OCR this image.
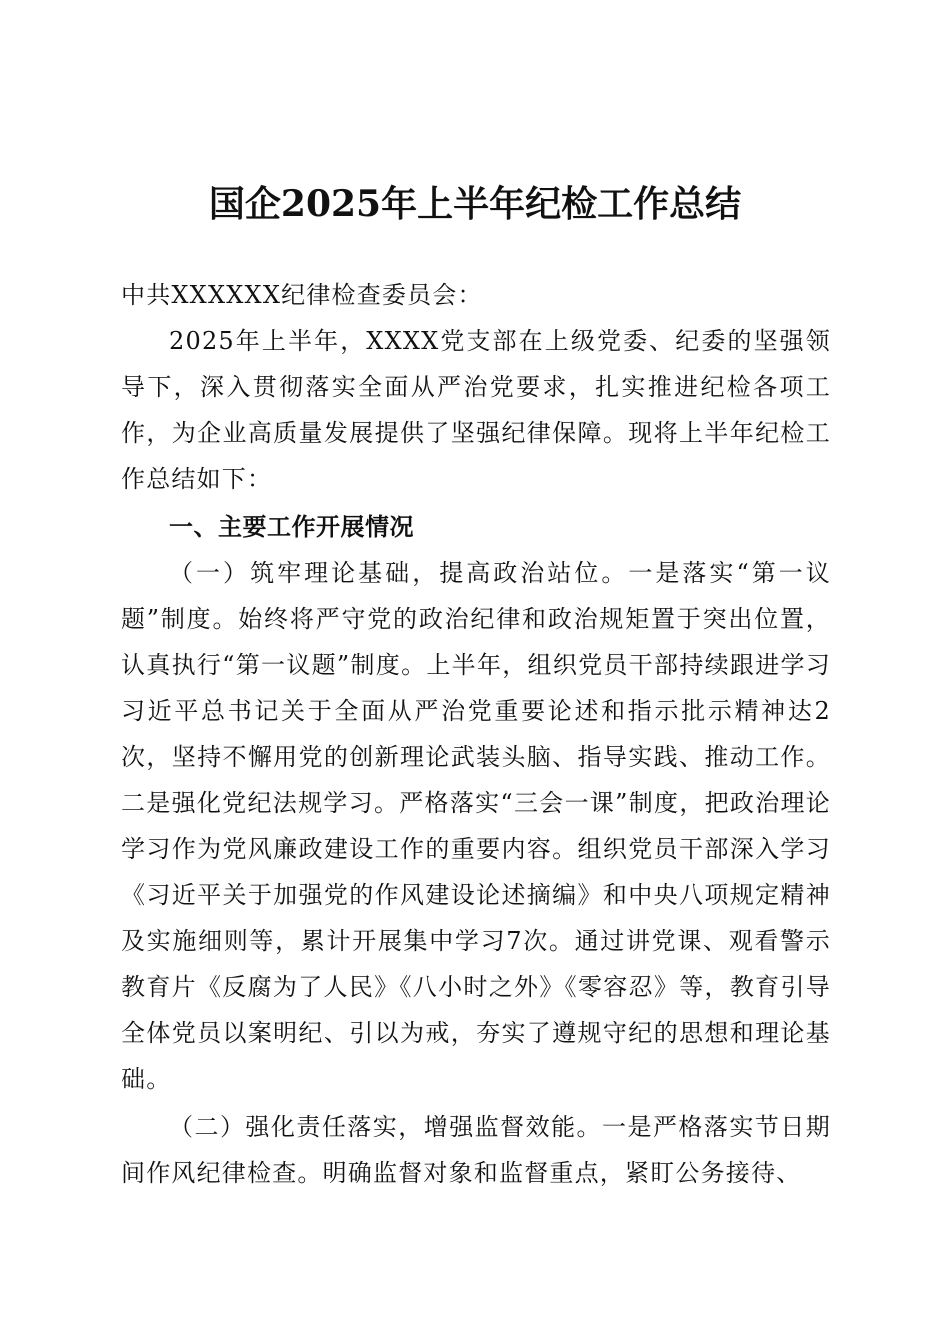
国企2025年上半年纪检工作总结

中共XXXXXX纪律检查委员会：

2025年上半年，XXXX党支部在上级党委、纪委的坚强领导下，深入贯彻落实全面从严治党要求，扎实推进纪检各项工作，为企业高质量发展提供了坚强纪律保障。现将上半年纪检工作总结如下：

一、主要工作开展情况

（一）筑牢理论基础，提高政治站位。一是落实“第一议题”制度。始终将严守党的政治纪律和政治规矩置于突出位置，认真执行“第一议题”制度。上半年，组织党员干部持续跟进学习习近平总书记关于全面从严治党重要论述和指示批示精神达2次，坚持不懈用党的创新理论武装头脑、指导实践、推动工作。二是强化党纪法规学习。严格落实“三会一课”制度，把政治理论学习作为党风廉政建设工作的重要内容。组织党员干部深入学习《习近平关于加强党的作风建设论述摘编》和中央八项规定精神及实施细则等，累计开展集中学习7次。通过讲党课、观看警示教育片《反腐为了人民》《八小时之外》《零容忍》等，教育引导全体党员以案明纪、引以为戒，夯实了遵规守纪的思想和理论基础。

（二）强化责任落实，增强监督效能。一是严格落实节日期间作风纪律检查。明确监督对象和监督重点，紧盯公务接待、
